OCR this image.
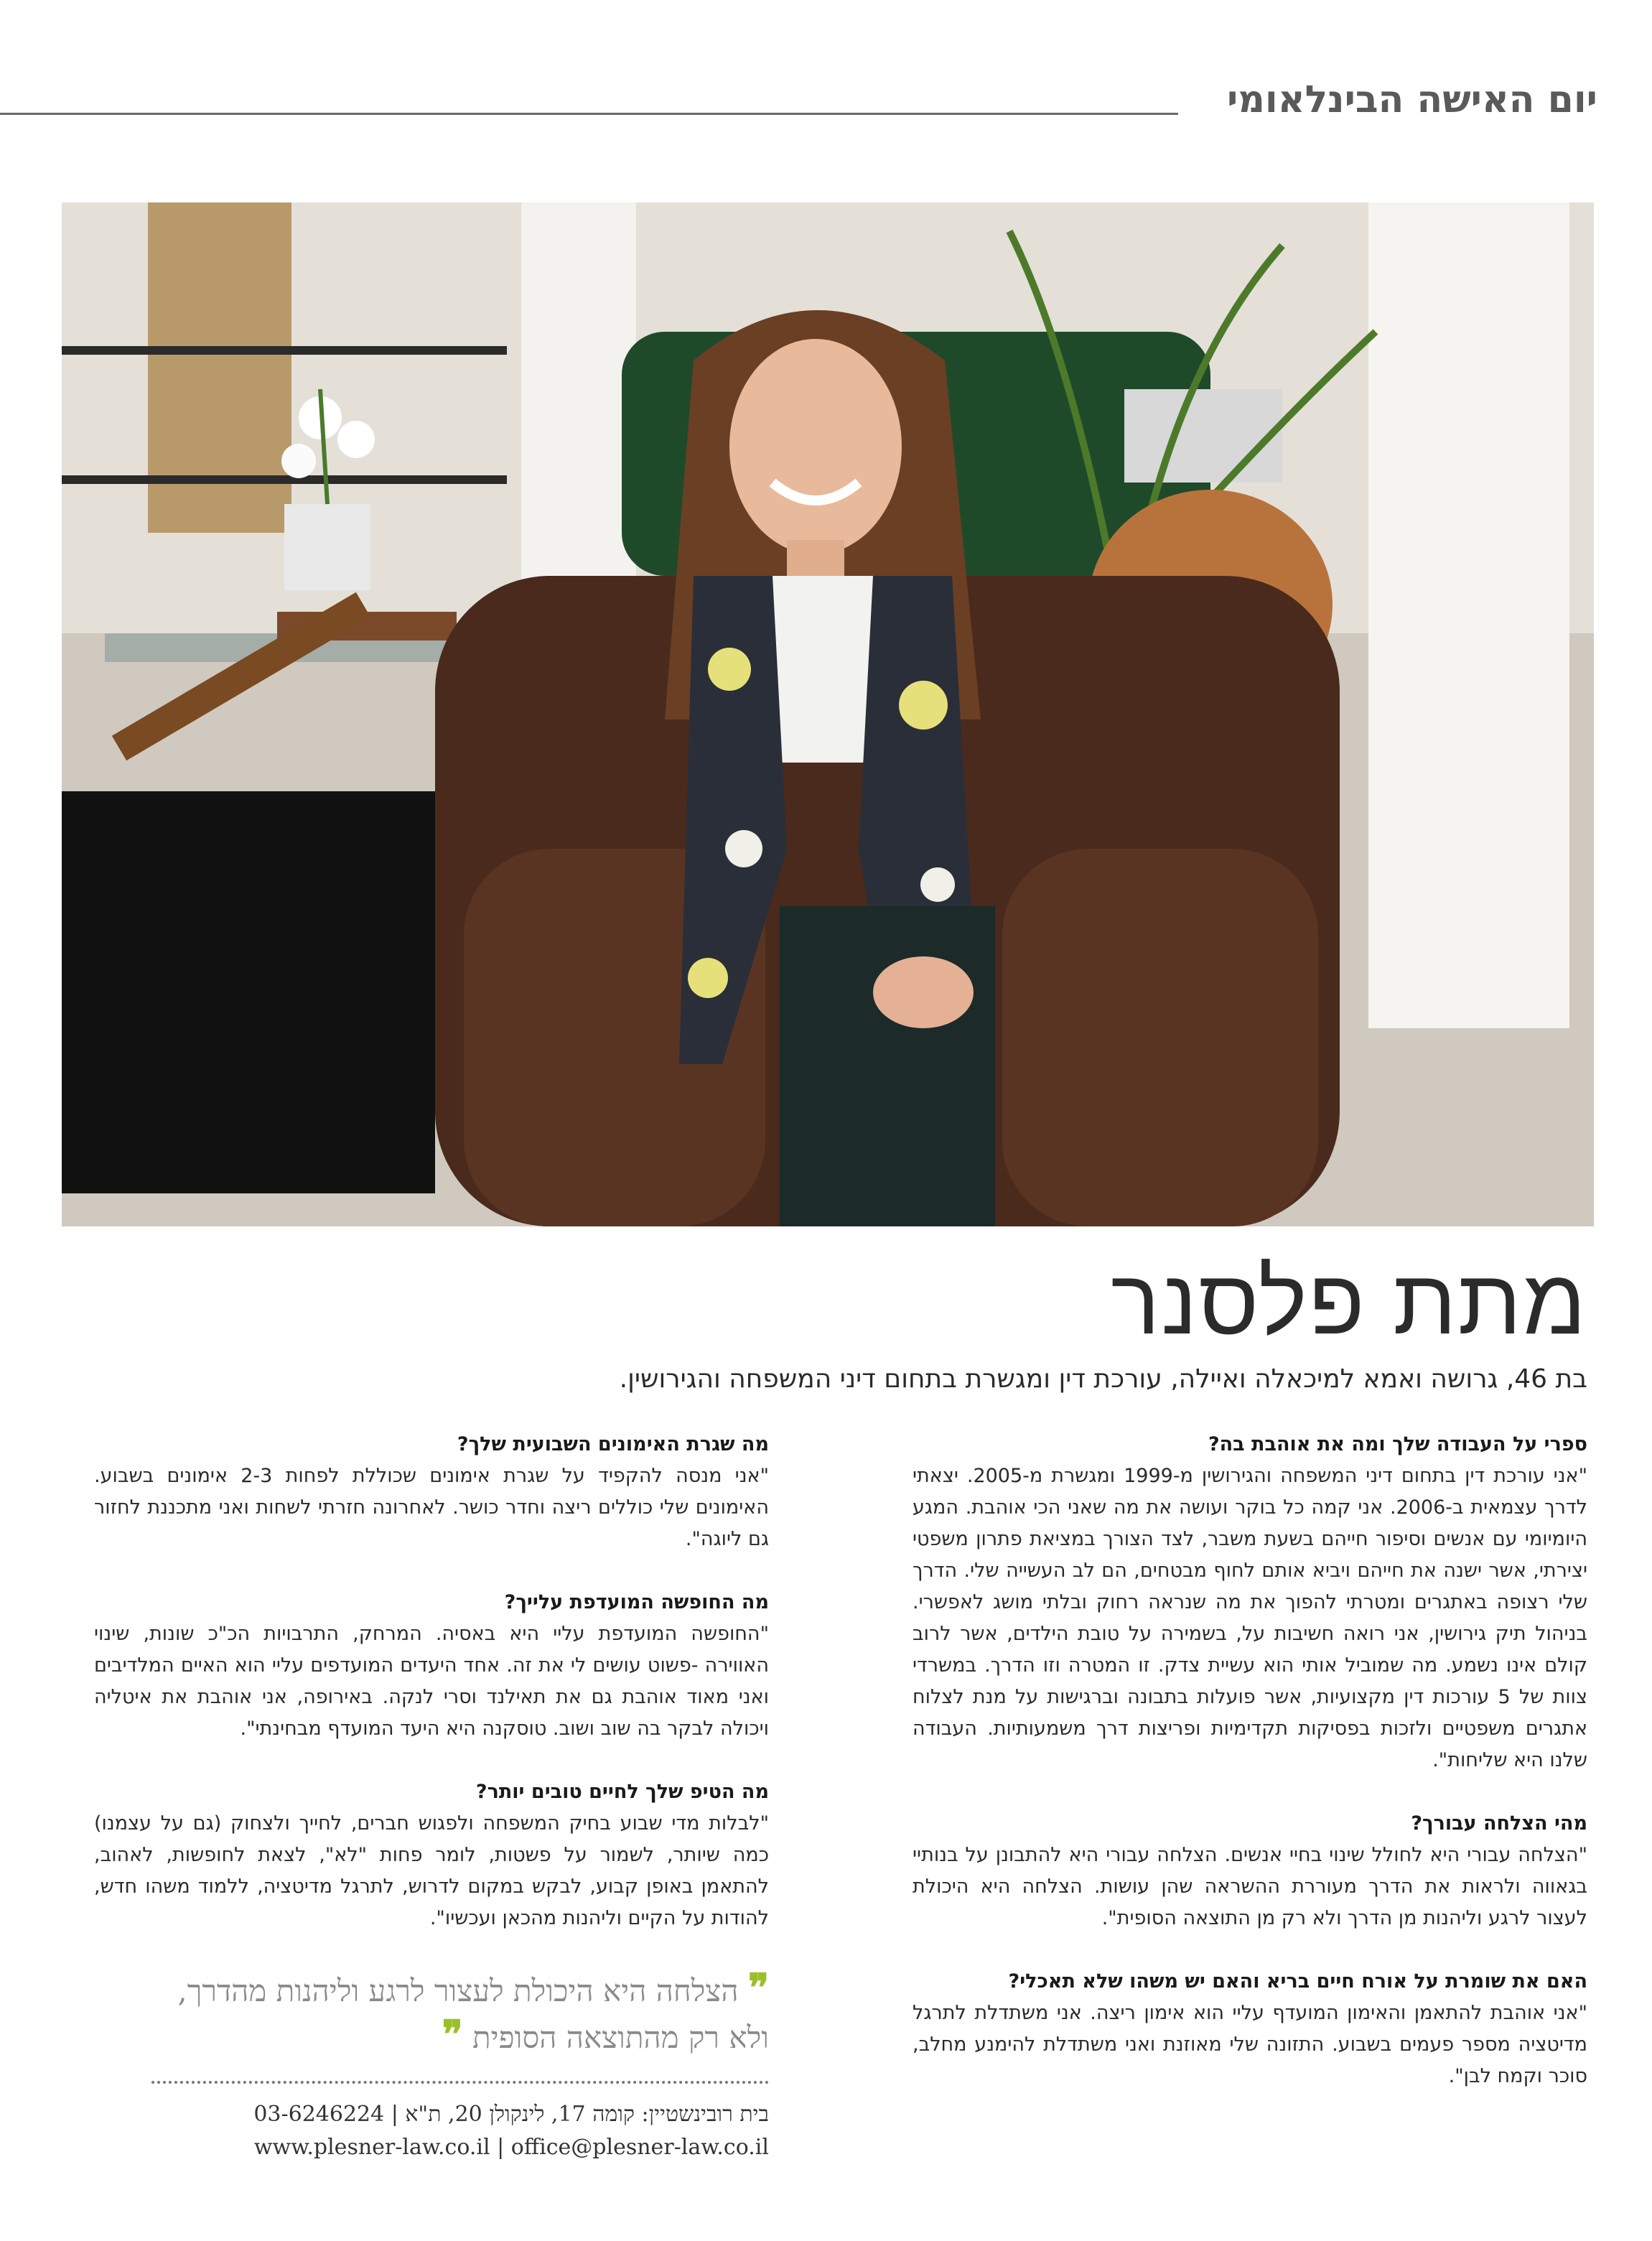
יום האישה הבינלאומי
מתת פלסנר
בת 46, גרושה ואמא למיכאלה ואיילה, עורכת דין ומגשרת בתחום דיני המשפחה והגירושין.

ספרי על העבודה שלך ומה את אוהבת בה?

"אני עורכת דין בתחום דיני המשפחה והגירושין מ-1999 ומגשרת מ-2005. יצאתי לדרך עצמאית ב-2006. אני קמה כל בוקר ועושה את מה שאני הכי אוהבת. המגע היומיומי עם אנשים וסיפור חייהם בשעת משבר, לצד הצורך במציאת פתרון משפטי יצירתי, אשר ישנה את חייהם ויביא אותם לחוף מבטחים, הם לב העשייה שלי. הדרך שלי רצופה באתגרים ומטרתי להפוך את מה שנראה רחוק ובלתי מושג לאפשרי. בניהול תיק גירושין, אני רואה חשיבות על, בשמירה על טובת הילדים, אשר לרוב קולם אינו נשמע. מה שמוביל אותי הוא עשיית צדק. זו המטרה וזו הדרך. במשרדי צוות של 5 עורכות דין מקצועיות, אשר פועלות בתבונה וברגישות על מנת לצלוח אתגרים משפטיים ולזכות בפסיקות תקדימיות ופריצות דרך משמעותיות. העבודה שלנו היא שליחות".

מהי הצלחה עבורך?

"הצלחה עבורי היא לחולל שינוי בחיי אנשים. הצלחה עבורי היא להתבונן על בנותיי בגאווה ולראות את הדרך מעוררת ההשראה שהן עושות. הצלחה היא היכולת לעצור לרגע וליהנות מן הדרך ולא רק מן התוצאה הסופית".

האם את שומרת על אורח חיים בריא והאם יש משהו שלא תאכלי?

"אני אוהבת להתאמן והאימון המועדף עליי הוא אימון ריצה. אני משתדלת לתרגל מדיטציה מספר פעמים בשבוע. התזונה שלי מאוזנת ואני משתדלת להימנע מחלב, סוכר וקמח לבן".

מה שגרת האימונים השבועית שלך?

"אני מנסה להקפיד על שגרת אימונים שכוללת לפחות 2-3 אימונים בשבוע. האימונים שלי כוללים ריצה וחדר כושר. לאחרונה חזרתי לשחות ואני מתכננת לחזור גם ליוגה".

מה החופשה המועדפת עלייך?

"החופשה המועדפת עליי היא באסיה. המרחק, התרבויות הכ"כ שונות, שינוי האווירה -פשוט עושים לי את זה. אחד היעדים המועדפים עליי הוא האיים המלדיבים ואני מאוד אוהבת גם את תאילנד וסרי לנקה. באירופה, אני אוהבת את איטליה ויכולה לבקר בה שוב ושוב. טוסקנה היא היעד המועדף מבחינתי".

מה הטיפ שלך לחיים טובים יותר?

"לבלות מדי שבוע בחיק המשפחה ולפגוש חברים, לחייך ולצחוק (גם על עצמנו) כמה שיותר, לשמור על פשטות, לומר פחות "לא", לצאת לחופשות, לאהוב, להתאמן באופן קבוע, לבקש במקום לדרוש, לתרגל מדיטציה, ללמוד משהו חדש, להודות על הקיים וליהנות מהכאן ועכשיו".

❞ הצלחה היא היכולת לעצור לרגע וליהנות מהדרך,

ולא רק מהתוצאה הסופית ❞

בית רובינשטיין: קומה 17, לינקולן 20, ת"א | 03-6246224

www.plesner-law.co.il | office@plesner-law.co.il
